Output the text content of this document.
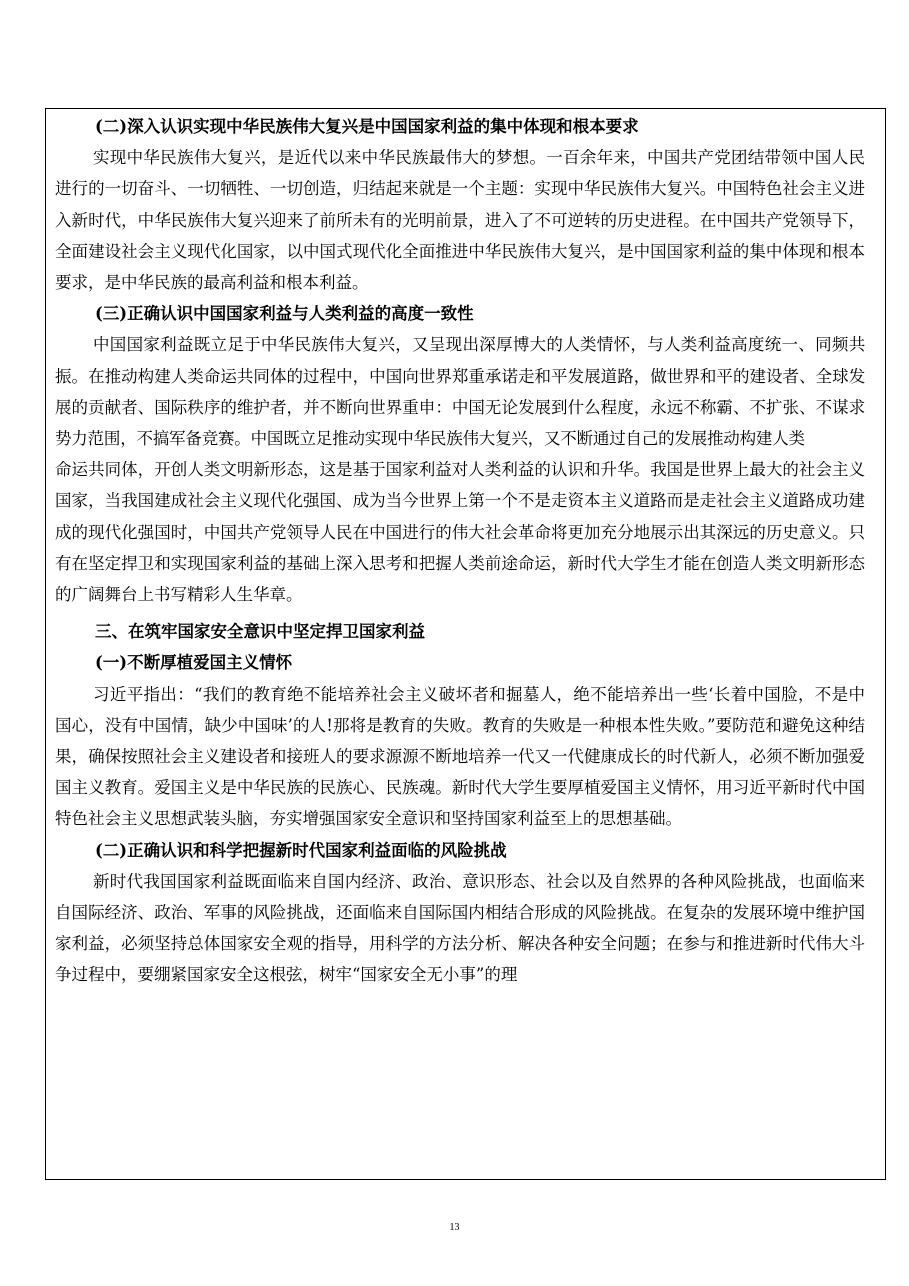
(二)深入认识实现中华民族伟大复兴是中国国家利益的集中体现和根本要求

实现中华民族伟大复兴，是近代以来中华民族最伟大的梦想。一百余年来，中国共产党团结带领中国人民进行的一切奋斗、一切牺牲、一切创造，归结起来就是一个主题：实现中华民族伟大复兴。中国特色社会主义进入新时代，中华民族伟大复兴迎来了前所未有的光明前景，进入了不可逆转的历史进程。在中国共产党领导下，全面建设社会主义现代化国家，以中国式现代化全面推进中华民族伟大复兴，是中国国家利益的集中体现和根本要求，是中华民族的最高利益和根本利益。

(三)正确认识中国国家利益与人类利益的高度一致性

中国国家利益既立足于中华民族伟大复兴，又呈现出深厚博大的人类情怀，与人类利益高度统一、同频共振。在推动构建人类命运共同体的过程中，中国向世界郑重承诺走和平发展道路，做世界和平的建设者、全球发展的贡献者、国际秩序的维护者，并不断向世界重申：中国无论发展到什么程度，永远不称霸、不扩张、不谋求势力范围，不搞军备竞赛。中国既立足推动实现中华民族伟大复兴，又不断通过自己的发展推动构建人类

命运共同体，开创人类文明新形态，这是基于国家利益对人类利益的认识和升华。我国是世界上最大的社会主义国家，当我国建成社会主义现代化强国、成为当今世界上第一个不是走资本主义道路而是走社会主义道路成功建成的现代化强国时，中国共产党领导人民在中国进行的伟大社会革命将更加充分地展示出其深远的历史意义。只有在坚定捍卫和实现国家利益的基础上深入思考和把握人类前途命运，新时代大学生才能在创造人类文明新形态的广阔舞台上书写精彩人生华章。

三、在筑牢国家安全意识中坚定捍卫国家利益

(一)不断厚植爱国主义情怀

习近平指出：“我们的教育绝不能培养社会主义破坏者和掘墓人，绝不能培养出一些‘长着中国脸，不是中国心，没有中国情，缺少中国味’的人!那将是教育的失败。教育的失败是一种根本性失败。”要防范和避免这种结果，确保按照社会主义建设者和接班人的要求源源不断地培养一代又一代健康成长的时代新人，必须不断加强爱国主义教育。爱国主义是中华民族的民族心、民族魂。新时代大学生要厚植爱国主义情怀，用习近平新时代中国特色社会主义思想武装头脑，夯实增强国家安全意识和坚持国家利益至上的思想基础。

(二)正确认识和科学把握新时代国家利益面临的风险挑战

新时代我国国家利益既面临来自国内经济、政治、意识形态、社会以及自然界的各种风险挑战，也面临来自国际经济、政治、军事的风险挑战，还面临来自国际国内相结合形成的风险挑战。在复杂的发展环境中维护国家利益，必须坚持总体国家安全观的指导，用科学的方法分析、解决各种安全问题；在参与和推进新时代伟大斗争过程中，要绷紧国家安全这根弦，树牢“国家安全无小事”的理

13
